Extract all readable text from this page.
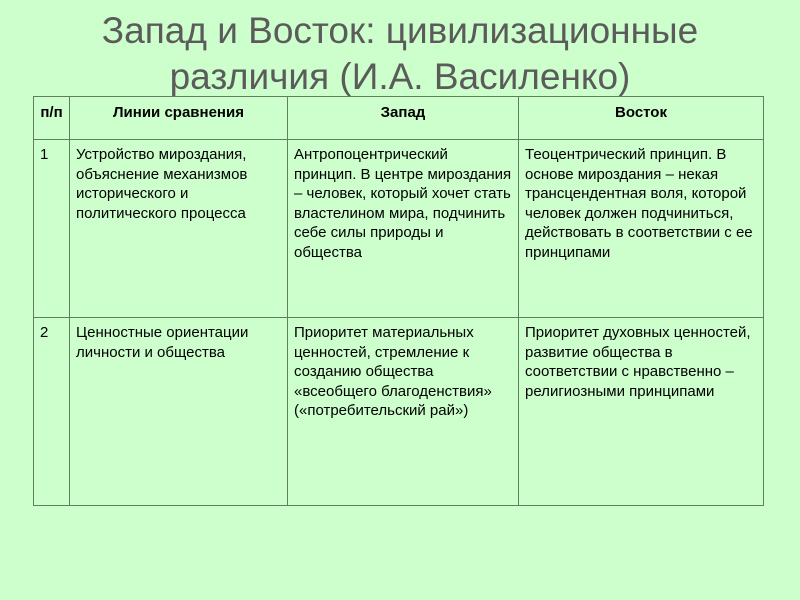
Запад и Восток: цивилизационные
различия (И.А. Василенко)
п/п	Линии сравнения	Запад	Восток
1	Устройство мироздания, объяснение механизмов исторического и политического процесса	Антропоцентрический принцип. В центре мироздания – человек, который хочет стать властелином мира, подчинить себе силы природы и общества	Теоцентрический принцип. В основе мироздания – некая трансцендентная воля, которой человек должен подчиниться, действовать в соответствии с ее принципами
2	Ценностные ориентации личности и общества	Приоритет материальных ценностей, стремление к созданию общества «всеобщего благоденствия» («потребительский рай»)	Приоритет духовных ценностей, развитие общества в соответствии с нравственно – религиозными принципами
